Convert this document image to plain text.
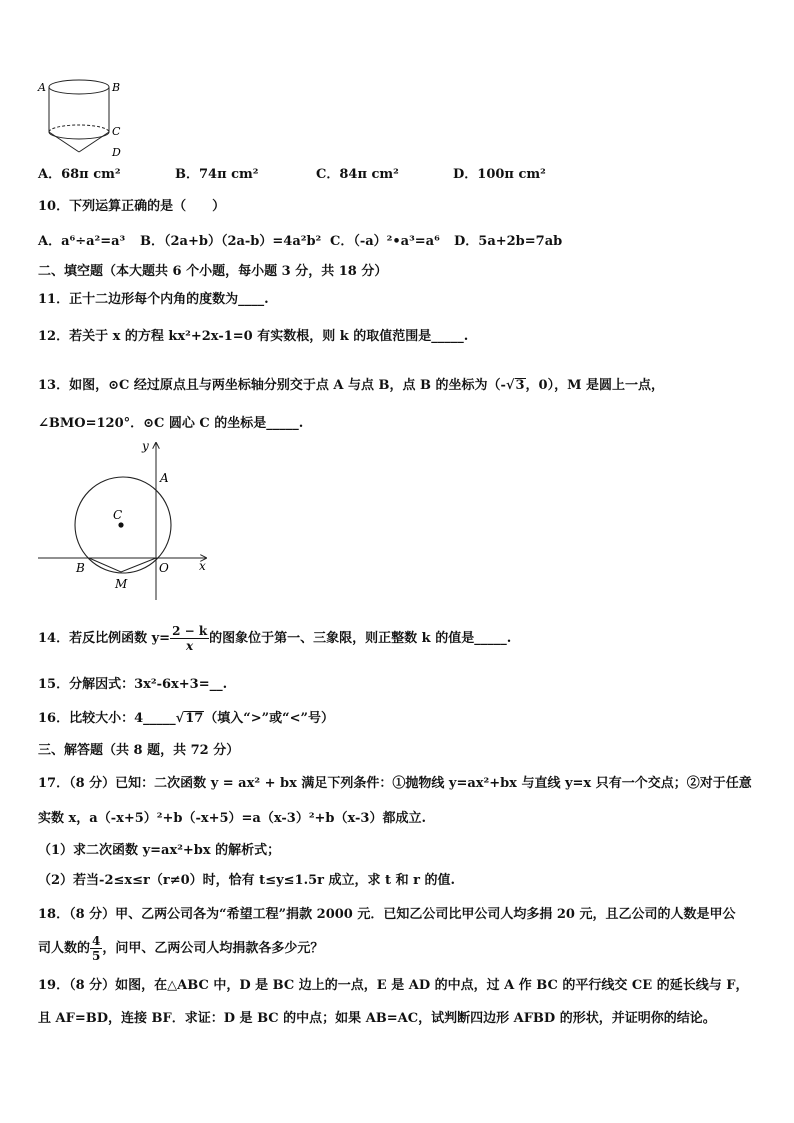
A	B
C
D
A．68π cm²	B．74π cm²	C．84π cm²	D．100π cm²
10．下列运算正确的是（　　）
A．a⁶÷a²=a³ B．（2a+b）（2a-b）=4a²b² C．（-a）²•a³=a⁶ D．5a+2b=7ab
二、填空题（本大题共 6 个小题，每小题 3 分，共 18 分）
11．正十二边形每个内角的度数为____.
12．若关于 x 的方程 kx²+2x-1=0 有实数根，则 k 的取值范围是_____.
13．如图，⊙C 经过原点且与两坐标轴分别交于点 A 与点 B，点 B 的坐标为（-√3，0），M 是圆上一点，
∠BMO=120°．⊙C 圆心 C 的坐标是_____.
y
x
A
C
B	O
M
14．若反比例函数 $y= \frac{2 - k}{x}$ 的图象位于第一、三象限，则正整数 k 的值是_____.
15．分解因式：3x²-6x+3=__.
16．比较大小：4_____√17（填入“>”或“<”号）
三、解答题（共 8 题，共 72 分）
17．（8 分）已知：二次函数 y = ax² + bx 满足下列条件：①抛物线 y=ax²+bx 与直线 y=x 只有一个交点；②对于任意
实数 x，a（-x+5）²+b（-x+5）=a（x-3）²+b（x-3）都成立.
（1）求二次函数 y=ax²+bx 的解析式；
（2）若当-2≤x≤r（r≠0）时，恰有 t≤y≤1.5r 成立，求 t 和 r 的值.
18．（8 分）甲、乙两公司各为“希望工程”捐款 2000 元．已知乙公司比甲公司人均多捐 20 元，且乙公司的人数是甲公
司人数的 $\frac{4}{5}$ ，问甲、乙两公司人均捐款各多少元？
19．（8 分）如图，在△ABC 中，D 是 BC 边上的一点，E 是 AD 的中点，过 A 作 BC 的平行线交 CE 的延长线与 F，
且 AF=BD，连接 BF．求证：D 是 BC 的中点；如果 AB=AC，试判断四边形 AFBD 的形状，并证明你的结论。
